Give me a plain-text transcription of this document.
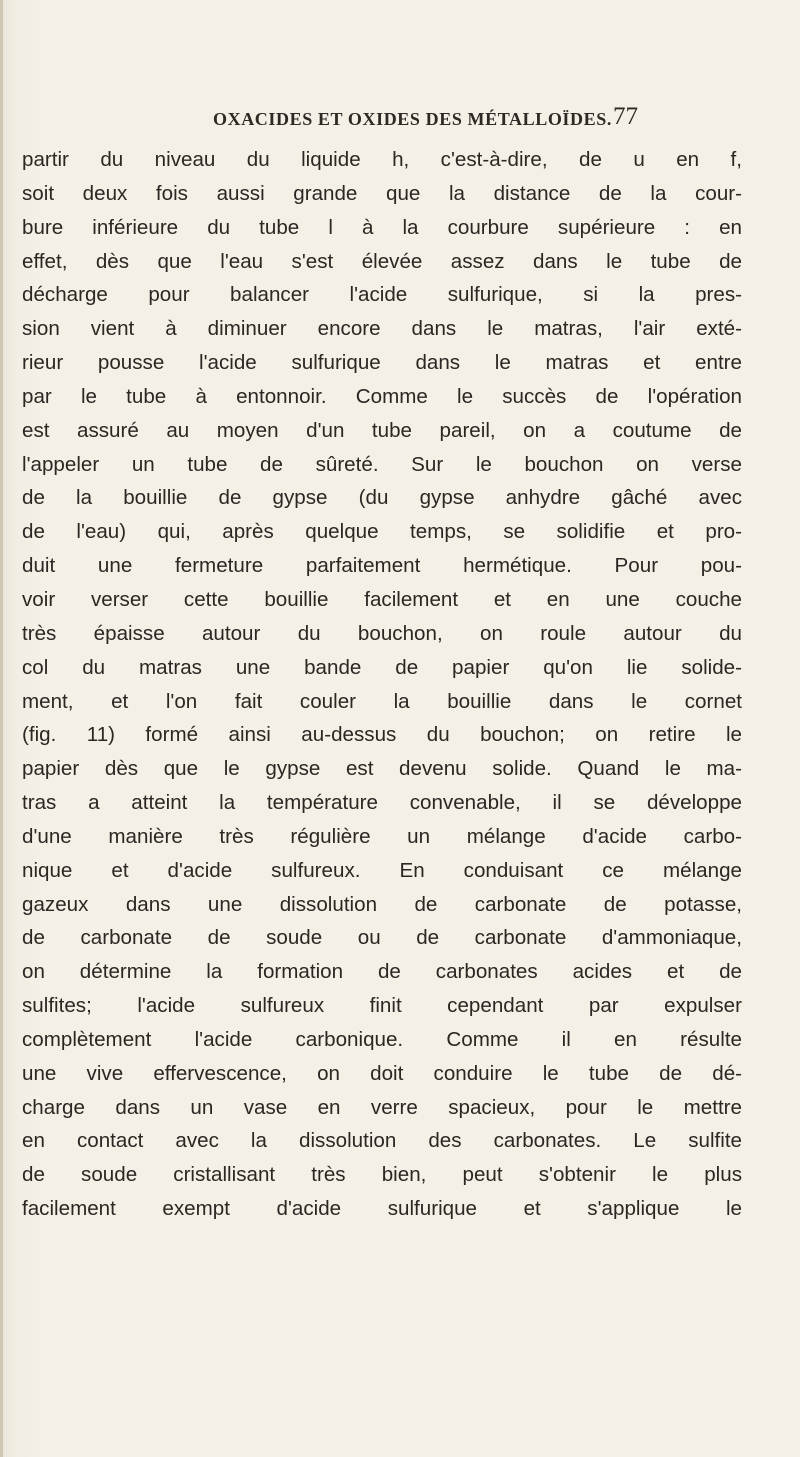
OXACIDES ET OXIDES DES MÉTALLOÏDES. 77
partir du niveau du liquide h, c'est-à-dire, de u en f,
soit deux fois aussi grande que la distance de la cour-
bure inférieure du tube l à la courbure supérieure : en
effet, dès que l'eau s'est élevée assez dans le tube de
décharge pour balancer l'acide sulfurique, si la pres-
sion vient à diminuer encore dans le matras, l'air exté-
rieur pousse l'acide sulfurique dans le matras et entre
par le tube à entonnoir. Comme le succès de l'opération
est assuré au moyen d'un tube pareil, on a coutume de
l'appeler un tube de sûreté. Sur le bouchon on verse
de la bouillie de gypse (du gypse anhydre gâché avec
de l'eau) qui, après quelque temps, se solidifie et pro-
duit une fermeture parfaitement hermétique. Pour pou-
voir verser cette bouillie facilement et en une couche
très épaisse autour du bouchon, on roule autour du
col du matras une bande de papier qu'on lie solide-
ment, et l'on fait couler la bouillie dans le cornet
(fig. 11) formé ainsi au-dessus du bouchon; on retire le
papier dès que le gypse est devenu solide. Quand le ma-
tras a atteint la température convenable, il se développe
d'une manière très régulière un mélange d'acide carbo-
nique et d'acide sulfureux. En conduisant ce mélange
gazeux dans une dissolution de carbonate de potasse,
de carbonate de soude ou de carbonate d'ammoniaque,
on détermine la formation de carbonates acides et de
sulfites; l'acide sulfureux finit cependant par expulser
complètement l'acide carbonique. Comme il en résulte
une vive effervescence, on doit conduire le tube de dé-
charge dans un vase en verre spacieux, pour le mettre
en contact avec la dissolution des carbonates. Le sulfite
de soude cristallisant très bien, peut s'obtenir le plus
facilement exempt d'acide sulfurique et s'applique le
